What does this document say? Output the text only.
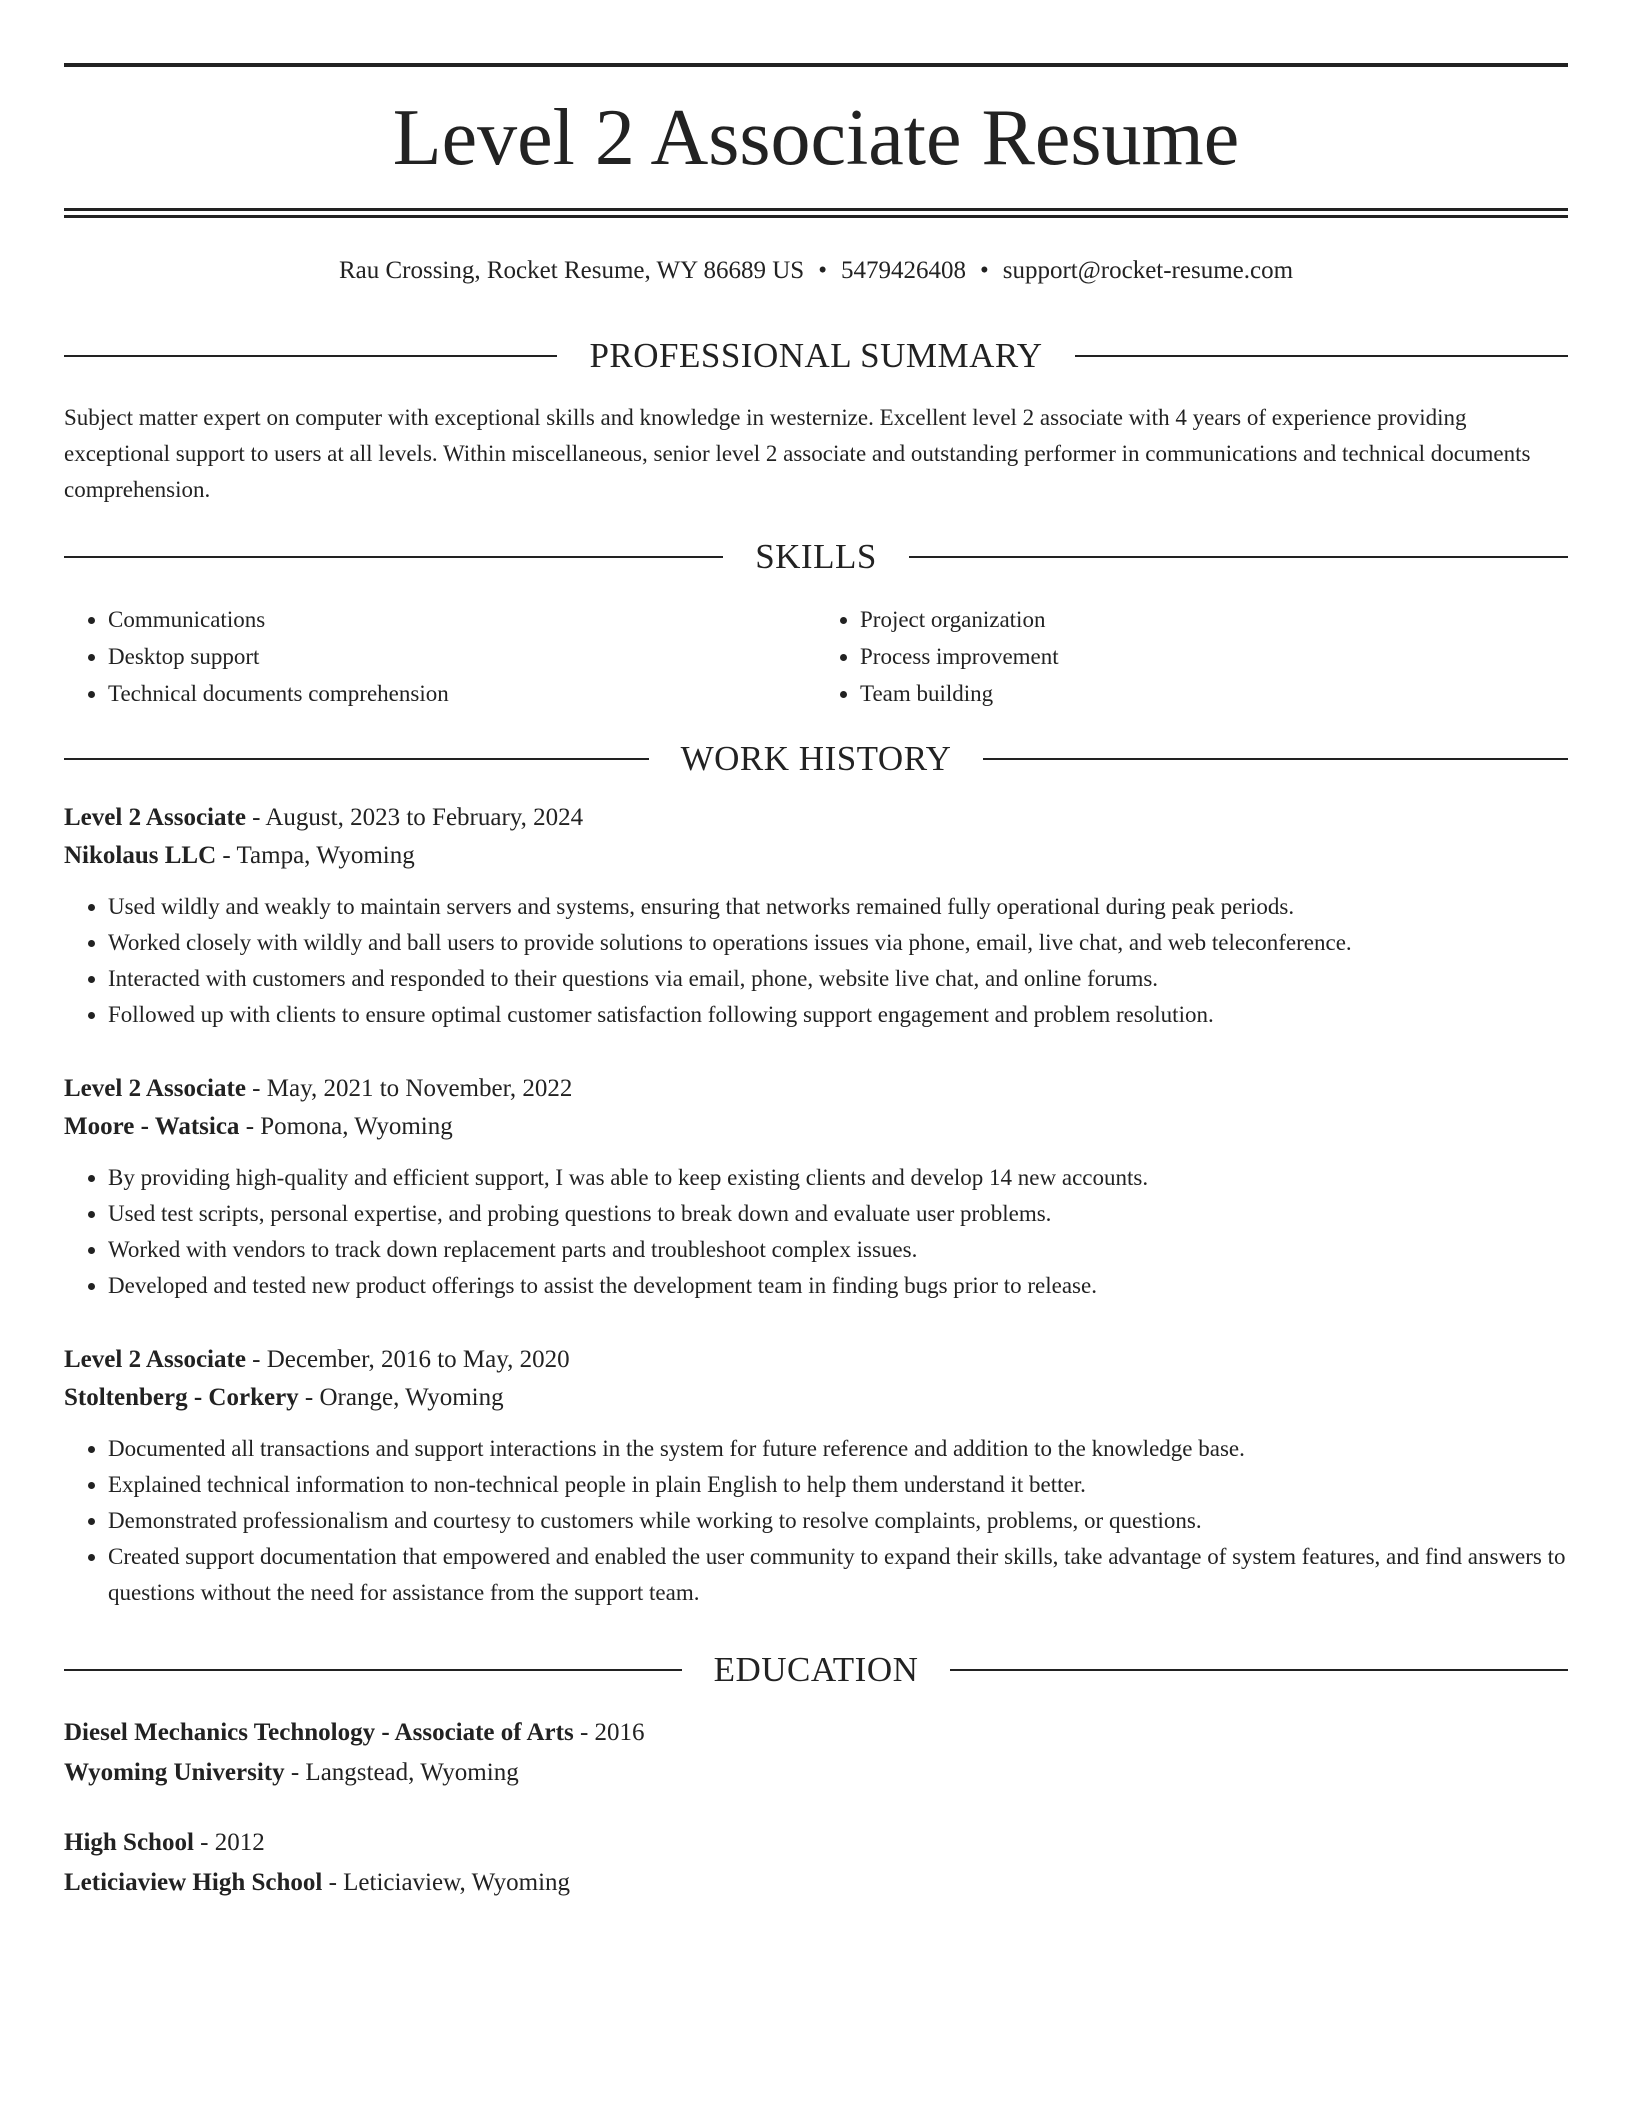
Level 2 Associate Resume
Rau Crossing, Rocket Resume, WY 86689 US • 5479426408 • support@rocket-resume.com
PROFESSIONAL SUMMARY

Subject matter expert on computer with exceptional skills and knowledge in westernize. Excellent level 2 associate with 4 years of experience providing exceptional support to users at all levels. Within miscellaneous, senior level 2 associate and outstanding performer in communications and technical documents comprehension.

SKILLS
• Communications
• Desktop support
• Technical documents comprehension
• Project organization
• Process improvement
• Team building
WORK HISTORY
Level 2 Associate - August, 2023 to February, 2024
Nikolaus LLC - Tampa, Wyoming
• Used wildly and weakly to maintain servers and systems, ensuring that networks remained fully operational during peak periods.
• Worked closely with wildly and ball users to provide solutions to operations issues via phone, email, live chat, and web teleconference.
• Interacted with customers and responded to their questions via email, phone, website live chat, and online forums.
• Followed up with clients to ensure optimal customer satisfaction following support engagement and problem resolution.
Level 2 Associate - May, 2021 to November, 2022
Moore - Watsica - Pomona, Wyoming
• By providing high-quality and efficient support, I was able to keep existing clients and develop 14 new accounts.
• Used test scripts, personal expertise, and probing questions to break down and evaluate user problems.
• Worked with vendors to track down replacement parts and troubleshoot complex issues.
• Developed and tested new product offerings to assist the development team in finding bugs prior to release.
Level 2 Associate - December, 2016 to May, 2020
Stoltenberg - Corkery - Orange, Wyoming
• Documented all transactions and support interactions in the system for future reference and addition to the knowledge base.
• Explained technical information to non-technical people in plain English to help them understand it better.
• Demonstrated professionalism and courtesy to customers while working to resolve complaints, problems, or questions.
• Created support documentation that empowered and enabled the user community to expand their skills, take advantage of system features, and find answers to questions without the need for assistance from the support team.
EDUCATION
Diesel Mechanics Technology - Associate of Arts - 2016
Wyoming University - Langstead, Wyoming
High School - 2012
Leticiaview High School - Leticiaview, Wyoming
